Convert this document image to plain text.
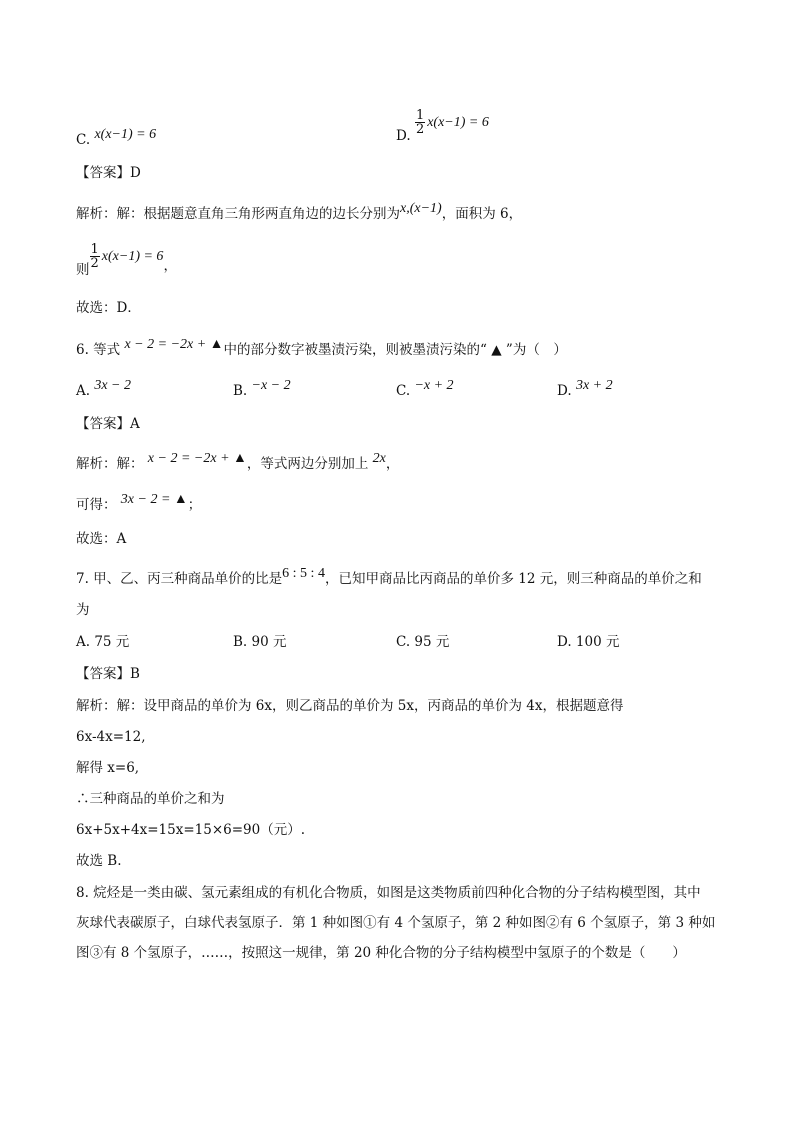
C. x(x−1) = 6	D. $\frac{1}{2} x(x-1) = 6$
【答案】D
解析：解：根据题意直角三角形两直角边的边长分别为x,(x−1)，面积为 6，
则 $\frac{1}{2} x(x-1) = 6$，
故选：D．
6. 等式 x − 2 = −2x + ▲中的部分数字被墨渍污染，则被墨渍污染的“ ▲ ”为（　）
A. 3x − 2	B. −x − 2	C. −x + 2	D. 3x + 2
【答案】A
解析：解： x − 2 = −2x + ▲，等式两边分别加上 2x，
可得： 3x − 2 = ▲；
故选：A
7. 甲、乙、丙三种商品单价的比是6 : 5 : 4，已知甲商品比丙商品的单价多 12 元，则三种商品的单价之和
为
A. 75 元	B. 90 元	C. 95 元	D. 100 元
【答案】B
解析：解：设甲商品的单价为 6x，则乙商品的单价为 5x，丙商品的单价为 4x，根据题意得
6x-4x=12,
解得 x=6,
∴三种商品的单价之和为
6x+5x+4x=15x=15×6=90（元）.
故选 B.
8. 烷烃是一类由碳、氢元素组成的有机化合物质，如图是这类物质前四种化合物的分子结构模型图，其中
灰球代表碳原子，白球代表氢原子．第 1 种如图①有 4 个氢原子，第 2 种如图②有 6 个氢原子，第 3 种如
图③有 8 个氢原子，……，按照这一规律，第 20 种化合物的分子结构模型中氢原子的个数是（　　）
